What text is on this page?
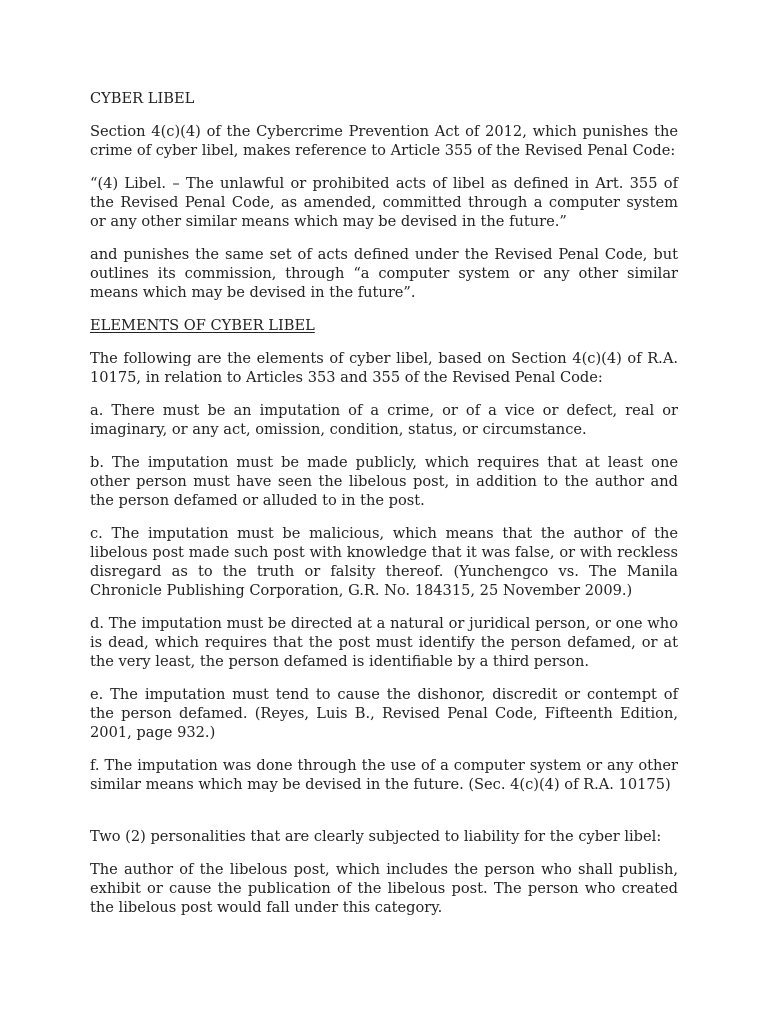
CYBER LIBEL

Section 4(c)(4) of the Cybercrime Prevention Act of 2012, which punishes the crime of cyber libel, makes reference to Article 355 of the Revised Penal Code:

“(4) Libel. – The unlawful or prohibited acts of libel as defined in Art. 355 of the Revised Penal Code, as amended, committed through a computer system or any other similar means which may be devised in the future.”

and punishes the same set of acts defined under the Revised Penal Code, but outlines its commission, through “a computer system or any other similar means which may be devised in the future”.

ELEMENTS OF CYBER LIBEL

The following are the elements of cyber libel, based on Section 4(c)(4) of R.A. 10175, in relation to Articles 353 and 355 of the Revised Penal Code:

a. There must be an imputation of a crime, or of a vice or defect, real or imaginary, or any act, omission, condition, status, or circumstance.

b. The imputation must be made publicly, which requires that at least one other person must have seen the libelous post, in addition to the author and the person defamed or alluded to in the post.

c. The imputation must be malicious, which means that the author of the libelous post made such post with knowledge that it was false, or with reckless disregard as to the truth or falsity thereof. (Yunchengco vs. The Manila Chronicle Publishing Corporation, G.R. No. 184315, 25 November 2009.)

d. The imputation must be directed at a natural or juridical person, or one who is dead, which requires that the post must identify the person defamed, or at the very least, the person defamed is identifiable by a third person.

e. The imputation must tend to cause the dishonor, discredit or contempt of the person defamed. (Reyes, Luis B., Revised Penal Code, Fifteenth Edition, 2001, page 932.)

f. The imputation was done through the use of a computer system or any other similar means which may be devised in the future. (Sec. 4(c)(4) of R.A. 10175)

Two (2) personalities that are clearly subjected to liability for the cyber libel:

The author of the libelous post, which includes the person who shall publish, exhibit or cause the publication of the libelous post. The person who created the libelous post would fall under this category.
